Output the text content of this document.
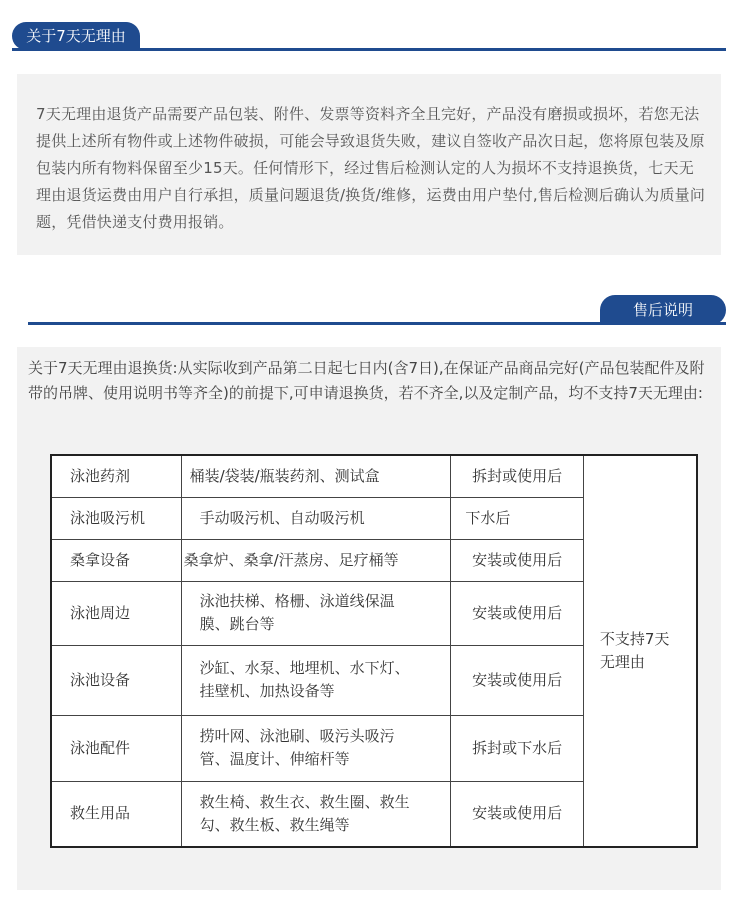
关于7天无理由
7天无理由退货产品需要产品包装、附件、发票等资料齐全且完好，产品没有磨损或损坏，若您无法提供上述所有物件或上述物件破损，可能会导致退货失败，建议自签收产品次日起，您将原包装及原包装内所有物料保留至少15天。任何情形下，经过售后检测认定的人为损坏不支持退换货，七天无理由退货运费由用户自行承担，质量问题退货/换货/维修，运费由用户垫付,售后检测后确认为质量问题，凭借快递支付费用报销。
售后说明
关于7天无理由退换货:从实际收到产品第二日起七日内(含7日),在保证产品商品完好(产品包装配件及附带的吊牌、使用说明书等齐全)的前提下,可申请退换货，若不齐全,以及定制产品，均不支持7天无理由:
泳池药剂	桶装/袋装/瓶装药剂、测试盒	拆封或使用后	不支持7天无理由
泳池吸污机	手动吸污机、自动吸污机	下水后	
桑拿设备	桑拿炉、桑拿/汗蒸房、足疗桶等	安装或使用后	
泳池周边	泳池扶梯、格栅、泳道线保温膜、跳台等	安装或使用后	
泳池设备	沙缸、水泵、地埋机、水下灯、挂壁机、加热设备等	安装或使用后	
泳池配件	捞叶网、泳池刷、吸污头吸污管、温度计、伸缩杆等	拆封或下水后	
救生用品	救生椅、救生衣、救生圈、救生勾、救生板、救生绳等	安装或使用后	
